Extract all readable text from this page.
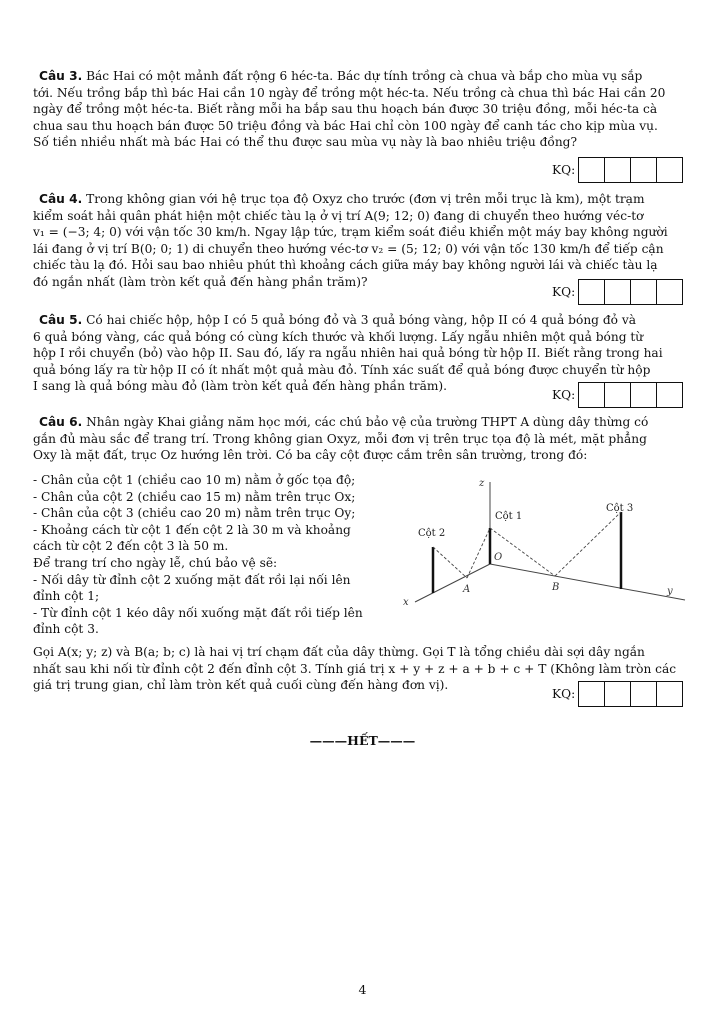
Câu 3. Bác Hai có một mảnh đất rộng 6 héc-ta. Bác dự tính trồng cà chua và bắp cho mùa vụ sắp
tới. Nếu trồng bắp thì bác Hai cần 10 ngày để trồng một héc-ta. Nếu trồng cà chua thì bác Hai cần 20
ngày để trồng một héc-ta. Biết rằng mỗi ha bắp sau thu hoạch bán được 30 triệu đồng, mỗi héc-ta cà
chua sau thu hoạch bán được 50 triệu đồng và bác Hai chỉ còn 100 ngày để canh tác cho kịp mùa vụ.
Số tiền nhiều nhất mà bác Hai có thể thu được sau mùa vụ này là bao nhiêu triệu đồng?
KQ:
Câu 4. Trong không gian với hệ trục tọa độ Oxyz cho trước (đơn vị trên mỗi trục là km), một trạm
kiểm soát hải quân phát hiện một chiếc tàu lạ ở vị trí A(9; 12; 0) đang di chuyển theo hướng véc-tơ
v₁ = (−3; 4; 0) với vận tốc 30 km/h. Ngay lập tức, trạm kiểm soát điều khiển một máy bay không người
lái đang ở vị trí B(0; 0; 1) di chuyển theo hướng véc-tơ v₂ = (5; 12; 0) với vận tốc 130 km/h để tiếp cận
chiếc tàu lạ đó. Hỏi sau bao nhiêu phút thì khoảng cách giữa máy bay không người lái và chiếc tàu lạ
đó ngắn nhất (làm tròn kết quả đến hàng phần trăm)?
KQ:
Câu 5. Có hai chiếc hộp, hộp I có 5 quả bóng đỏ và 3 quả bóng vàng, hộp II có 4 quả bóng đỏ và
6 quả bóng vàng, các quả bóng có cùng kích thước và khối lượng. Lấy ngẫu nhiên một quả bóng từ
hộp I rồi chuyển (bỏ) vào hộp II. Sau đó, lấy ra ngẫu nhiên hai quả bóng từ hộp II. Biết rằng trong hai
quả bóng lấy ra từ hộp II có ít nhất một quả màu đỏ. Tính xác suất để quả bóng được chuyển từ hộp
I sang là quả bóng màu đỏ (làm tròn kết quả đến hàng phần trăm).
KQ:
Câu 6. Nhân ngày Khai giảng năm học mới, các chú bảo vệ của trường THPT A dùng dây thừng có
gắn đủ màu sắc để trang trí. Trong không gian Oxyz, mỗi đơn vị trên trục tọa độ là mét, mặt phẳng
Oxy là mặt đất, trục Oz hướng lên trời. Có ba cây cột được cắm trên sân trường, trong đó:
- Chân của cột 1 (chiều cao 10 m) nằm ở gốc tọa độ;
- Chân của cột 2 (chiều cao 15 m) nằm trên trục Ox;
- Chân của cột 3 (chiều cao 20 m) nằm trên trục Oy;
- Khoảng cách từ cột 1 đến cột 2 là 30 m và khoảng
cách từ cột 2 đến cột 3 là 50 m.
Để trang trí cho ngày lễ, chú bảo vệ sẽ:
- Nối dây từ đỉnh cột 2 xuống mặt đất rồi lại nối lên
đỉnh cột 1;
- Từ đỉnh cột 1 kéo dây nối xuống mặt đất rồi tiếp lên
đỉnh cột 3.
z
x
y
O
A	B
Cột 1
Cột 2
Cột 3
Gọi A(x; y; z) và B(a; b; c) là hai vị trí chạm đất của dây thừng. Gọi T là tổng chiều dài sợi dây ngắn
nhất sau khi nối từ đỉnh cột 2 đến đỉnh cột 3. Tính giá trị x + y + z + a + b + c + T (Không làm tròn các
giá trị trung gian, chỉ làm tròn kết quả cuối cùng đến hàng đơn vị).
KQ:
———HẾT———
4
